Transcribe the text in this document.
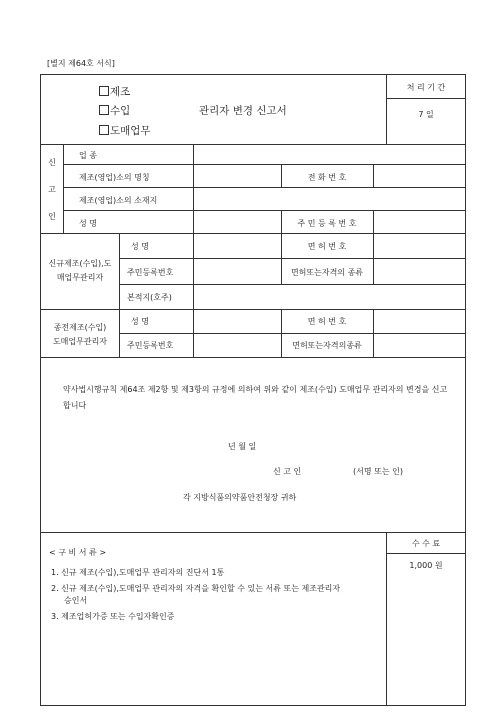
[별지 제64호 서식]
제조
수입
도매업무
관리자 변경 신고서
처 리 기 간
7 일
신
고
인
업 종
제조(영업)소의 명칭	전 화 번 호
제조(영업)소의 소재지
성 명	주 민 등 록 번 호
신규제조(수입),도
매업무관리자
성 명	면 허 번 호
주민등록번호	면허또는자격의 종류
본적지(호주)
종전제조(수입)
도매업무관리자
성 명	면 허 번 호
주민등록번호	면허또는자격의종류
약사법시행규칙 제64조 제2항 및 제3항의 규정에 의하여 위와 같이 제조(수입) 도매업무 관리자의 변경을 신고합니다
년 월 일
신 고 인	(서명 또는 인)
각 지방식품의약품안전청장 귀하
< 구 비 서 류 >
1. 신규 제조(수입),도매업무 관리자의 진단서 1통
2. 신규 제조(수입),도매업무 관리자의 자격을 확인할 수 있는 서류 또는 제조관리자
승인서
3. 제조업허가증 또는 수입자확인증
수 수 료
1,000 원
